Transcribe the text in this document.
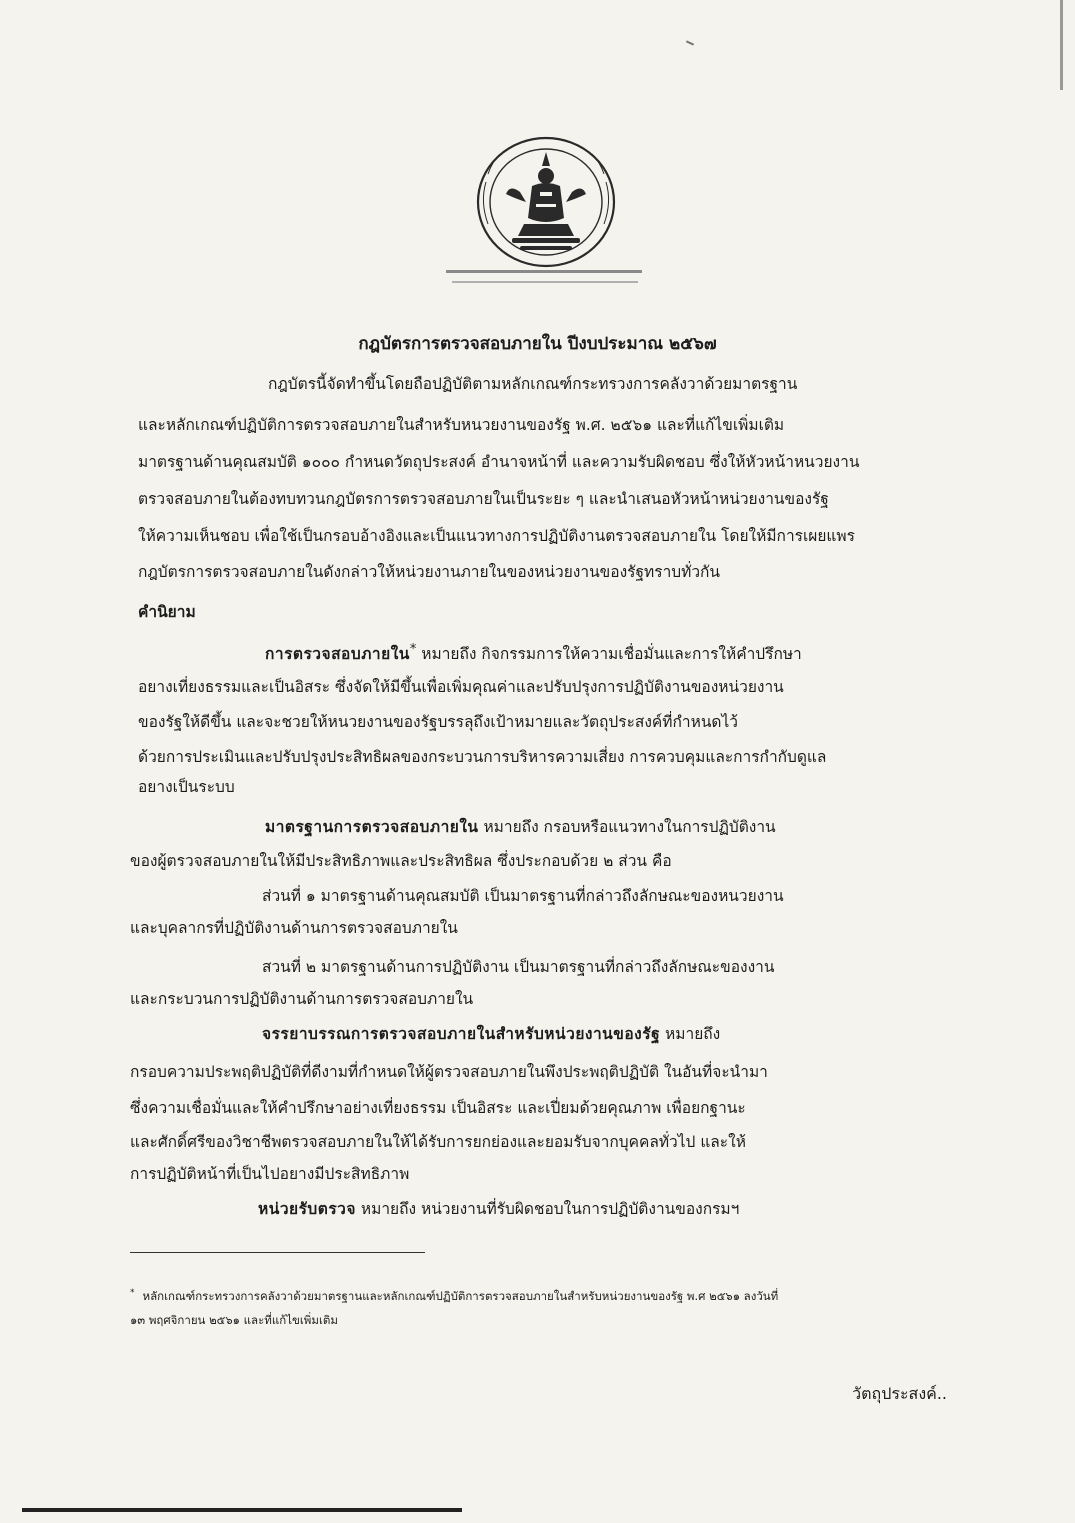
กฎบัตรการตรวจสอบภายใน ปีงบประมาณ ๒๕๖๗

กฎบัตรนี้จัดทำขึ้นโดยถือปฏิบัติตามหลักเกณฑ์กระทรวงการคลังวาด้วยมาตรฐาน

และหลักเกณฑ์ปฏิบัติการตรวจสอบภายในสำหรับหนวยงานของรัฐ พ.ศ. ๒๕๖๑ และที่แก้ไขเพิ่มเติม

มาตรฐานด้านคุณสมบัติ ๑๐๐๐ กำหนดวัตถุประสงค์ อำนาจหน้าที่ และความรับผิดชอบ ซึ่งให้หัวหน้าหนวยงาน

ตรวจสอบภายในต้องทบทวนกฎบัตรการตรวจสอบภายในเป็นระยะ ๆ และนำเสนอหัวหน้าหน่วยงานของรัฐ

ให้ความเห็นชอบ เพื่อใช้เป็นกรอบอ้างอิงและเป็นแนวทางการปฏิบัติงานตรวจสอบภายใน โดยให้มีการเผยแพร

กฎบัตรการตรวจสอบภายในดังกล่าวให้หน่วยงานภายในของหน่วยงานของรัฐทราบทั่วกัน

คำนิยาม

การตรวจสอบภายใน* หมายถึง กิจกรรมการให้ความเชื่อมั่นและการให้คำปรึกษา

อยางเที่ยงธรรมและเป็นอิสระ ซึ่งจัดให้มีขึ้นเพื่อเพิ่มคุณค่าและปรับปรุงการปฏิบัติงานของหน่วยงาน

ของรัฐให้ดีขึ้น และจะชวยให้หนวยงานของรัฐบรรลุถึงเป้าหมายและวัตถุประสงค์ที่กำหนดไว้

ด้วยการประเมินและปรับปรุงประสิทธิผลของกระบวนการบริหารความเสี่ยง การควบคุมและการกำกับดูแล

อยางเป็นระบบ

มาตรฐานการตรวจสอบภายใน หมายถึง กรอบหรือแนวทางในการปฏิบัติงาน

ของผู้ตรวจสอบภายในให้มีประสิทธิภาพและประสิทธิผล ซึ่งประกอบด้วย ๒ ส่วน คือ

ส่วนที่ ๑ มาตรฐานด้านคุณสมบัติ เป็นมาตรฐานที่กล่าวถึงลักษณะของหนวยงาน

และบุคลากรที่ปฏิบัติงานด้านการตรวจสอบภายใน

สวนที่ ๒ มาตรฐานด้านการปฏิบัติงาน เป็นมาตรฐานที่กล่าวถึงลักษณะของงาน

และกระบวนการปฏิบัติงานด้านการตรวจสอบภายใน

จรรยาบรรณการตรวจสอบภายในสำหรับหน่วยงานของรัฐ หมายถึง

กรอบความประพฤติปฏิบัติที่ดีงามที่กำหนดให้ผู้ตรวจสอบภายในพึงประพฤติปฏิบัติ ในอันที่จะนำมา

ซึ่งความเชื่อมั่นและให้คำปรึกษาอย่างเที่ยงธรรม เป็นอิสระ และเปี่ยมด้วยคุณภาพ เพื่อยกฐานะ

และศักดิ์ศรีของวิชาชีพตรวจสอบภายในให้ได้รับการยกย่องและยอมรับจากบุคคลทั่วไป และให้

การปฏิบัติหน้าที่เป็นไปอยางมีประสิทธิภาพ

หน่วยรับตรวจ หมายถึง หน่วยงานที่รับผิดชอบในการปฏิบัติงานของกรมฯ

* หลักเกณฑ์กระทรวงการคลังวาด้วยมาตรฐานและหลักเกณฑ์ปฏิบัติการตรวจสอบภายในสำหรับหน่วยงานของรัฐ พ.ศ ๒๕๖๑ ลงวันที่

๑๓ พฤศจิกายน ๒๕๖๑ และที่แก้ไขเพิ่มเติม

วัตถุประสงค์..
